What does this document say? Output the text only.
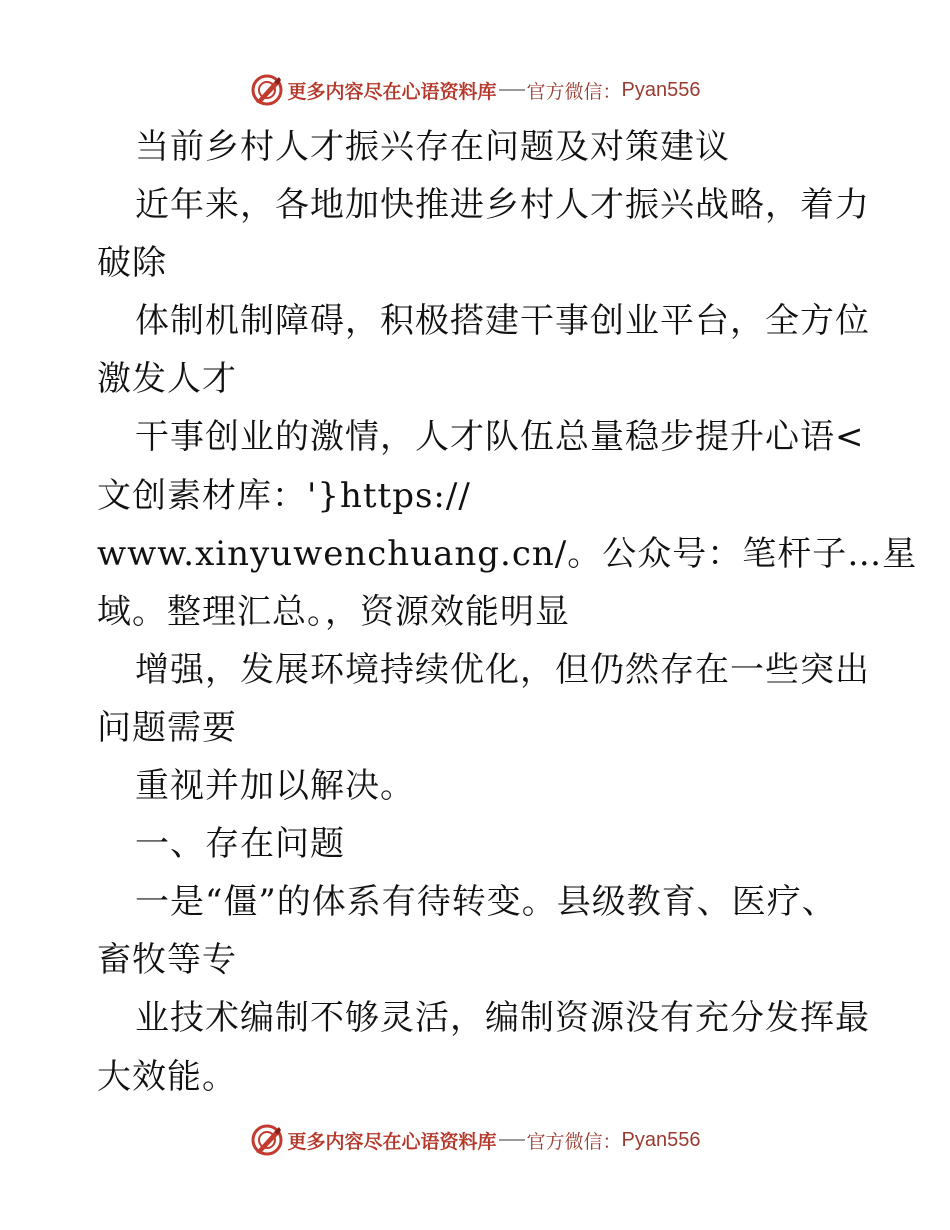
更多内容尽在心语资料库 官方微信： Pyan556
当前乡村人才振兴存在问题及对策建议
近年来，各地加快推进乡村人才振兴战略，着力
破除
体制机制障碍，积极搭建干事创业平台，全方位
激发人才
干事创业的激情，人才队伍总量稳步提升心语<
文创素材库：'}https://
www.xinyuwenchuang.cn/。公众号：笔杆子…星
域。整理汇总。，资源效能明显
增强，发展环境持续优化，但仍然存在一些突出
问题需要
重视并加以解决。
一、存在问题
一是“僵”的体系有待转变。县级教育、医疗、
畜牧等专
业技术编制不够灵活，编制资源没有充分发挥最
大效能。
更多内容尽在心语资料库 官方微信： Pyan556
